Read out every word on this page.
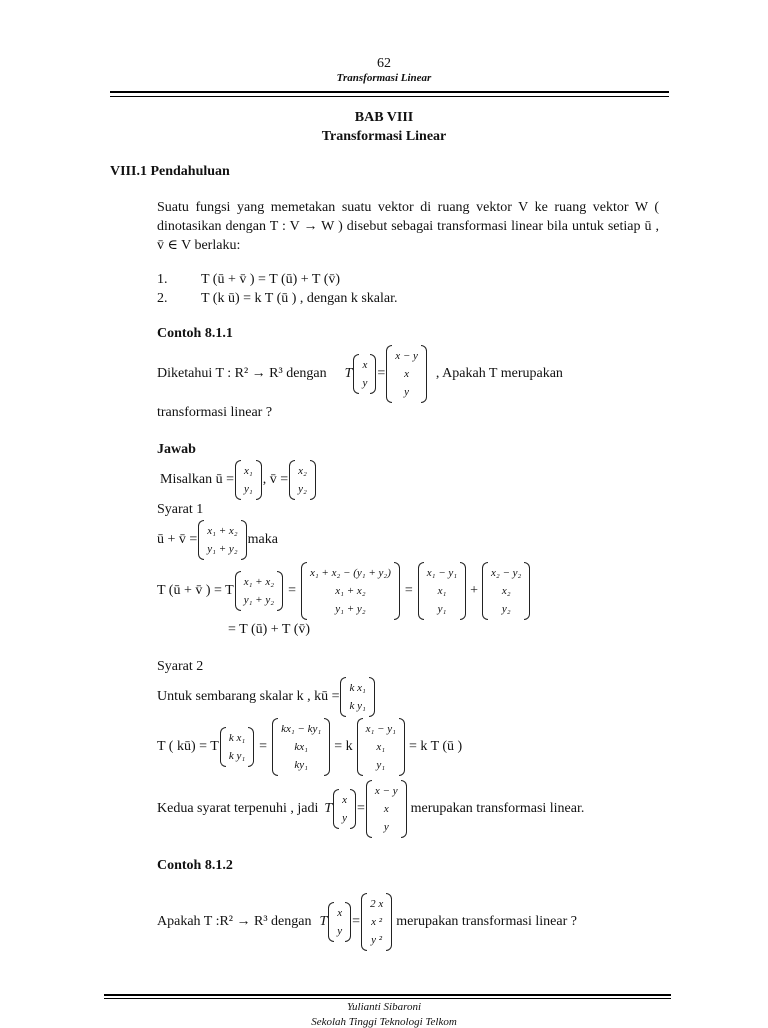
62
Transformasi Linear
BAB VIII
Transformasi Linear
VIII.1 Pendahuluan
Suatu fungsi yang memetakan suatu vektor di ruang vektor V ke ruang vektor W ( dinotasikan dengan T : V → W ) disebut sebagai transformasi linear bila untuk setiap ū , v̄ ∈ V berlaku:
1. T (ū + v̄ ) = T (ū) + T (v̄)
2. T (k ū) = k T (ū ) , dengan k skalar.
Contoh 8.1.1
Diketahui T : R² → R³ dengan T
x
y
=
x − y
x
y
, Apakah T merupakan
transformasi linear ?
Jawab
Misalkan ū =
x₁
y₁
, v̄ =
x₂
y₂
Syarat 1
ū + v̄ =
x₁ + x₂
y₁ + y₂
maka
T (ū + v̄ ) = T
x₁ + x₂
y₁ + y₂
=
x₁ + x₂ − (y₁ + y₂)
x₁ + x₂
y₁ + y₂
=
x₁ − y₁
x₁
y₁
+
x₂ − y₂
x₂
y₂
= T (ū) + T (v̄)
Syarat 2
Untuk sembarang skalar k , kū =
k x₁
k y₁
T ( kū) = T
k x₁
k y₁
=
kx₁ − ky₁
kx₁
ky₁
= k
x₁ − y₁
x₁
y₁
= k T (ū )
Kedua syarat terpenuhi , jadi T
x
y
=
x − y
x
y
merupakan transformasi linear.
Contoh 8.1.2
Apakah T :R² → R³ dengan T
x
y
=
2 x
x ²
y ²
merupakan transformasi linear ?
Yulianti Sibaroni
Sekolah Tinggi Teknologi Telkom
